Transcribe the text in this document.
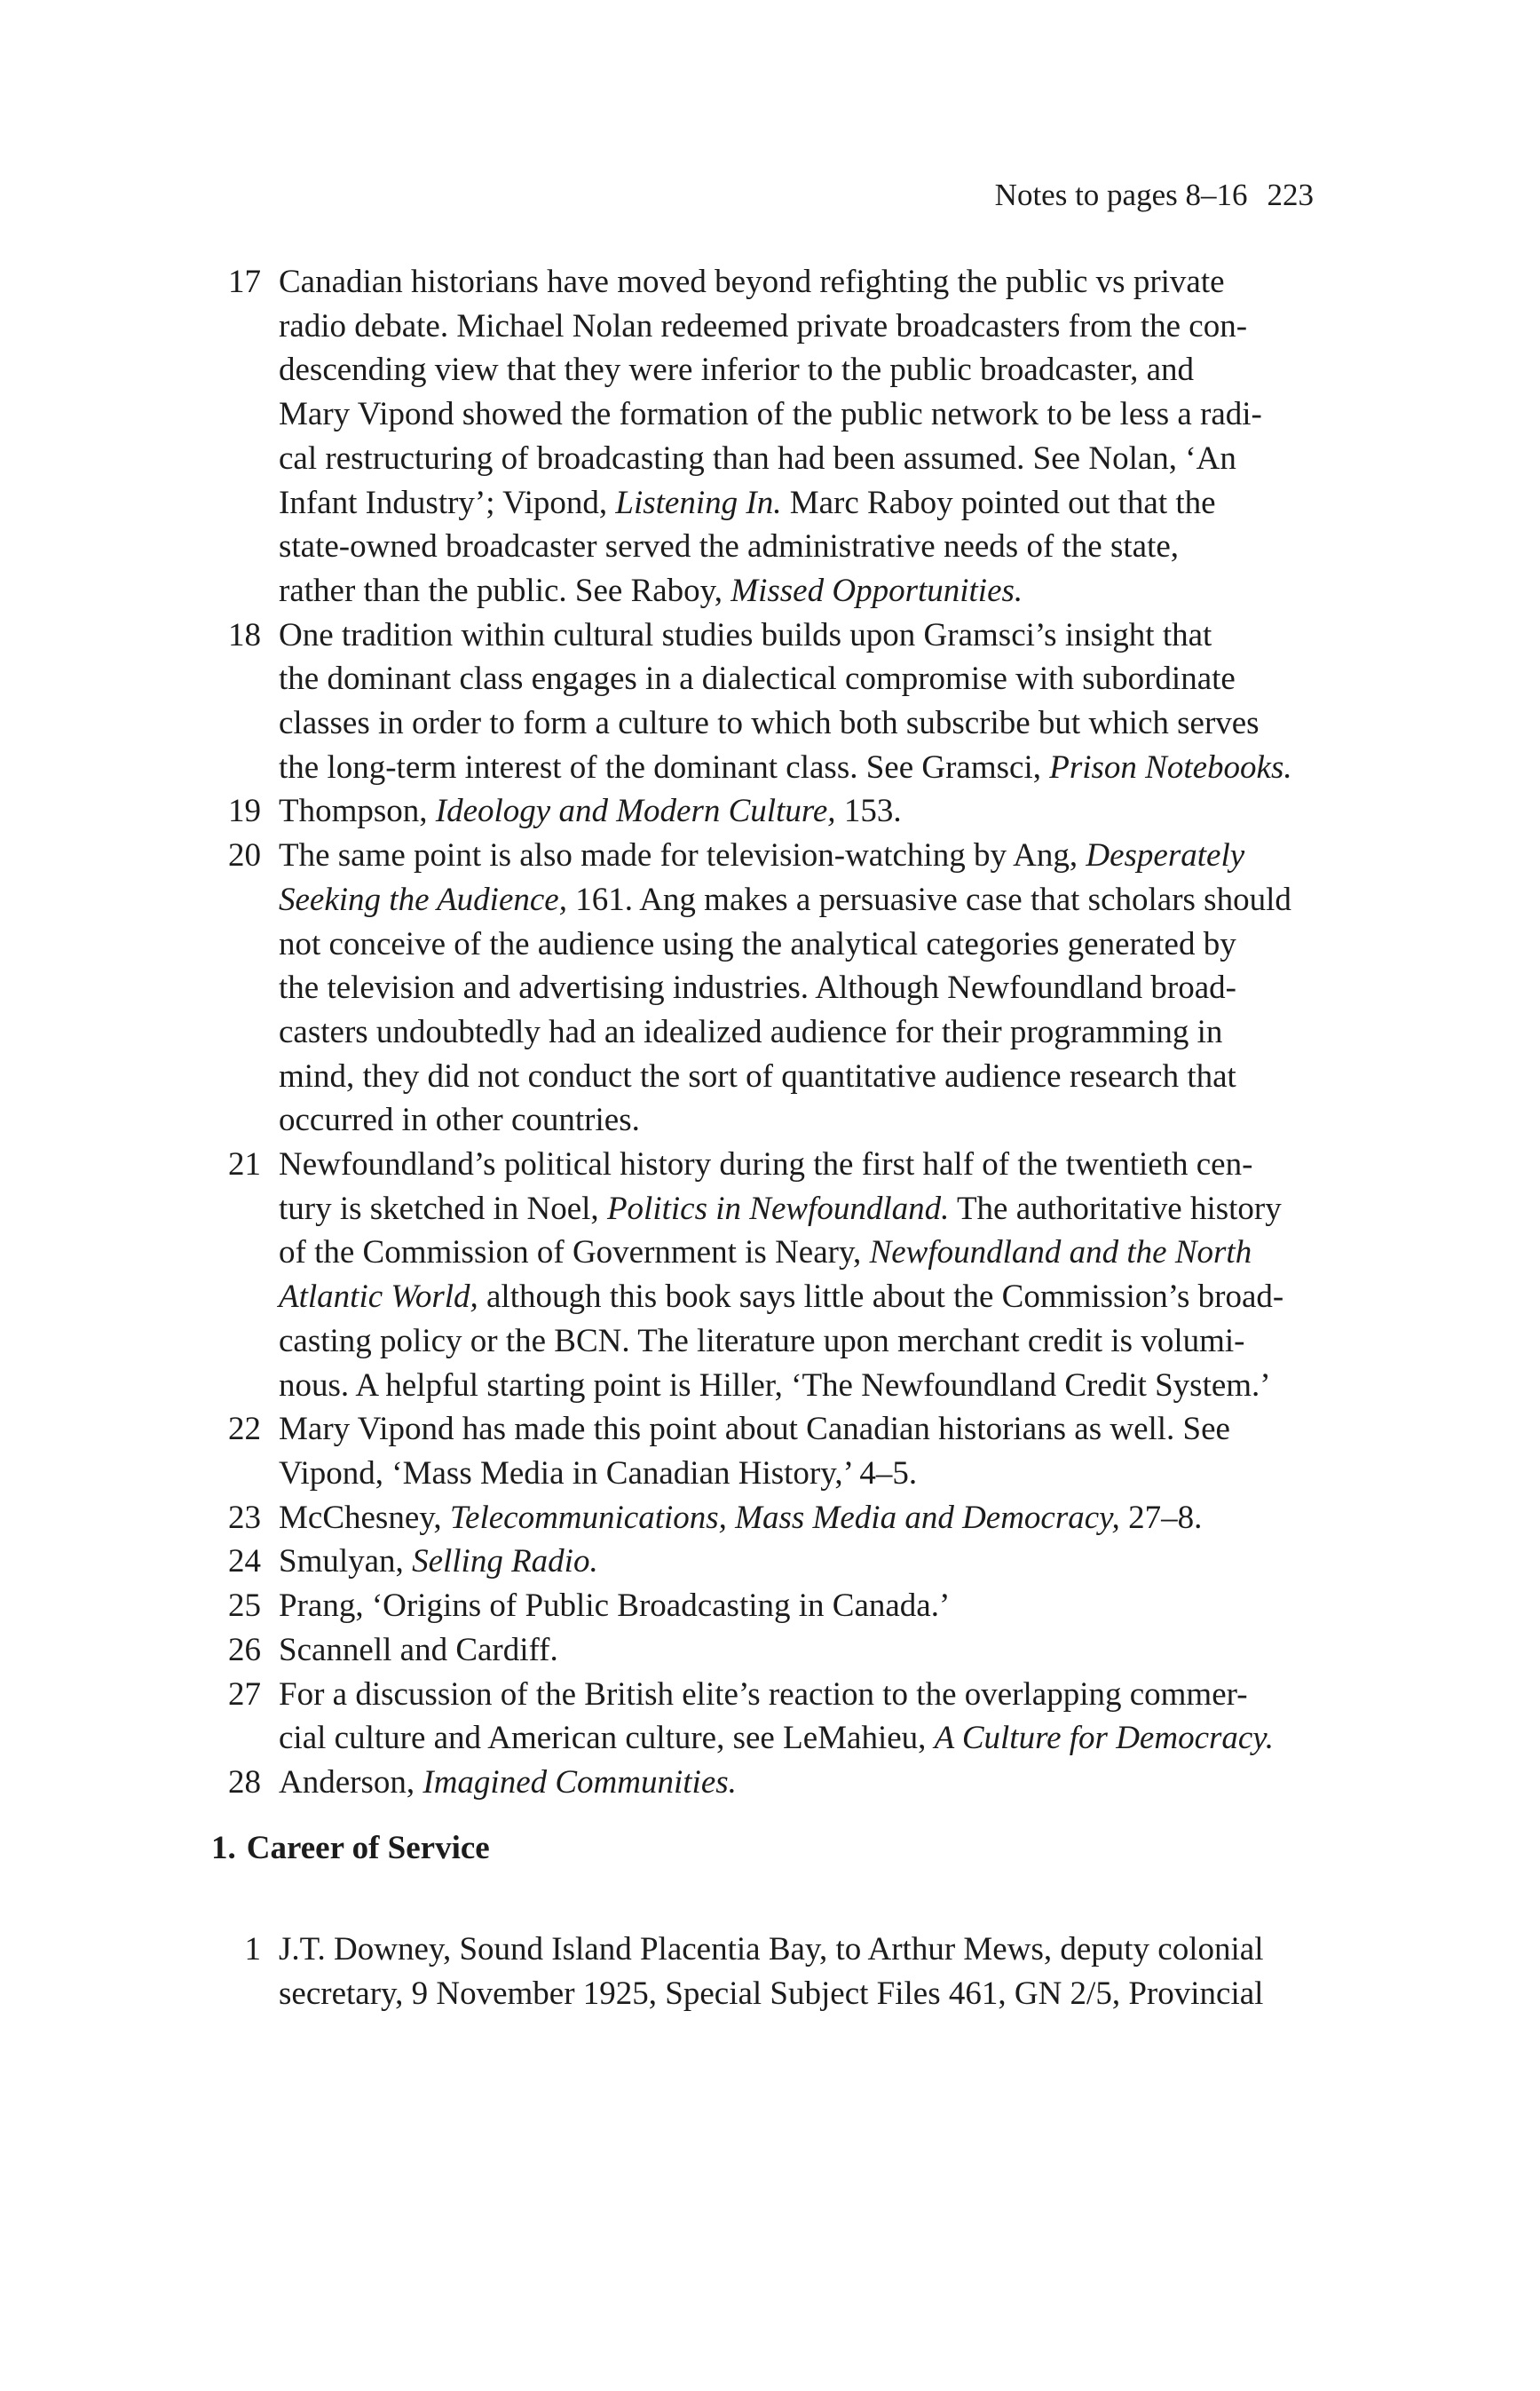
Notes to pages 8–16 223
17 Canadian historians have moved beyond refighting the public vs private
radio debate. Michael Nolan redeemed private broadcasters from the con-
descending view that they were inferior to the public broadcaster, and
Mary Vipond showed the formation of the public network to be less a radi-
cal restructuring of broadcasting than had been assumed. See Nolan, ‘An
Infant Industry’; Vipond, Listening In. Marc Raboy pointed out that the
state-owned broadcaster served the administrative needs of the state,
rather than the public. See Raboy, Missed Opportunities.
18 One tradition within cultural studies builds upon Gramsci’s insight that
the dominant class engages in a dialectical compromise with subordinate
classes in order to form a culture to which both subscribe but which serves
the long-term interest of the dominant class. See Gramsci, Prison Notebooks.
19 Thompson, Ideology and Modern Culture, 153.
20 The same point is also made for television-watching by Ang, Desperately
Seeking the Audience, 161. Ang makes a persuasive case that scholars should
not conceive of the audience using the analytical categories generated by
the television and advertising industries. Although Newfoundland broad-
casters undoubtedly had an idealized audience for their programming in
mind, they did not conduct the sort of quantitative audience research that
occurred in other countries.
21 Newfoundland’s political history during the first half of the twentieth cen-
tury is sketched in Noel, Politics in Newfoundland. The authoritative history
of the Commission of Government is Neary, Newfoundland and the North
Atlantic World, although this book says little about the Commission’s broad-
casting policy or the BCN. The literature upon merchant credit is volumi-
nous. A helpful starting point is Hiller, ‘The Newfoundland Credit System.’
22 Mary Vipond has made this point about Canadian historians as well. See
Vipond, ‘Mass Media in Canadian History,’ 4–5.
23 McChesney, Telecommunications, Mass Media and Democracy, 27–8.
24 Smulyan, Selling Radio.
25 Prang, ‘Origins of Public Broadcasting in Canada.’
26 Scannell and Cardiff.
27 For a discussion of the British elite’s reaction to the overlapping commer-
cial culture and American culture, see LeMahieu, A Culture for Democracy.
28 Anderson, Imagined Communities.
1. Career of Service
1 J.T. Downey, Sound Island Placentia Bay, to Arthur Mews, deputy colonial
secretary, 9 November 1925, Special Subject Files 461, GN 2/5, Provincial
